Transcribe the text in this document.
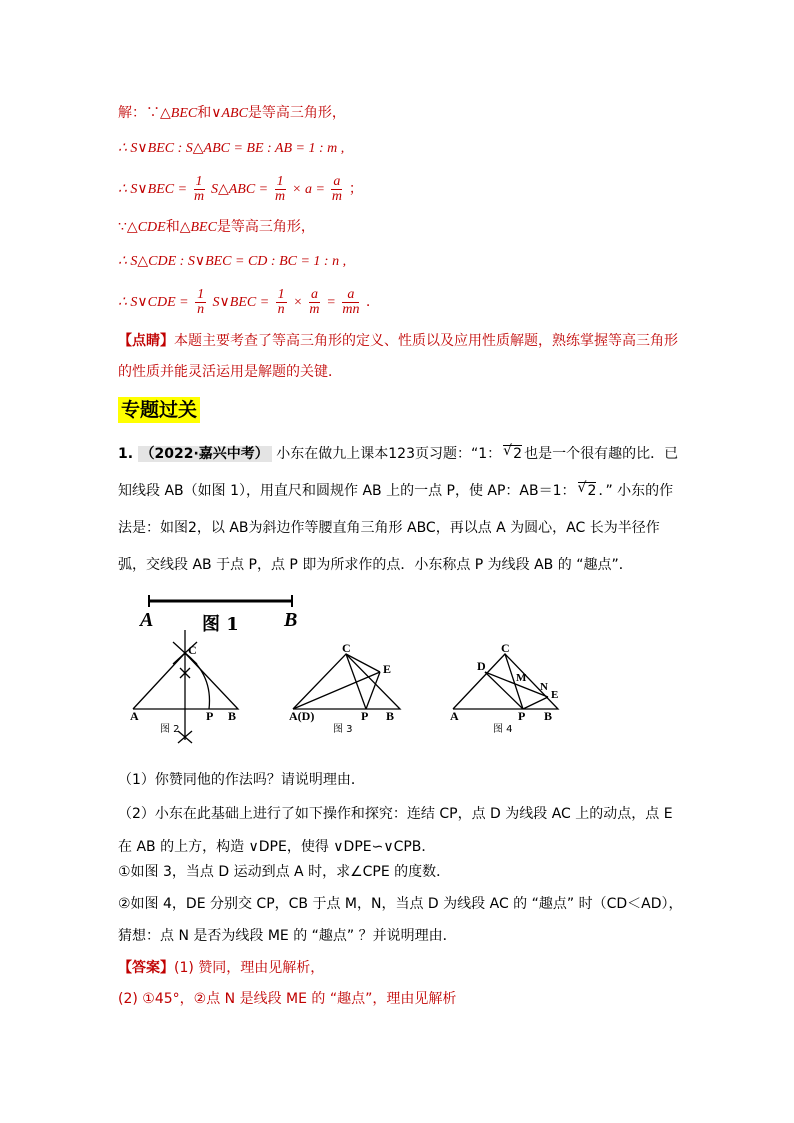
解：∵△BEC和∨ABC是等高三角形，
∴ S∨BEC : S△ABC = BE : AB = 1 : m ,
∴ S∨BEC = $\frac{1}{m}$ S△ABC = $\frac{1}{m} \times a = \frac{a}{m}$ ；
∵△CDE和△BEC是等高三角形，
∴ S△CDE : S∨BEC = CD : BC = 1 : n ,
∴ S∨CDE = $\frac{1}{n}$ S∨BEC = $\frac{1}{n} \times \frac{a}{m} = \frac{a}{mn}$ .
【点睛】本题主要考查了等高三角形的定义、性质以及应用性质解题，熟练掌握等高三角形的性质并能灵活运用是解题的关键．
专题过关
1. （2022·嘉兴中考） 小东在做九上课本123页习题：“1： √ 2 也是一个很有趣的比．已知线段 AB（如图 1），用直尺和圆规作 AB 上的一点 P，使 AP：AB＝1： √ 2 ．” 小东的作法是：如图2，以 AB为斜边作等腰直角三角形 ABC，再以点 A 为圆心，AC 长为半径作弧，交线段 AB 于点 P，点 P 即为所求作的点．小东称点 P 为线段 AB 的 “趣点”．
A	B
图 1
C
A	P B
图 2
C
E
A(D)	P B
图 3
C
D
M
N
E
A	P B
图 4
（1）你赞同他的作法吗？请说明理由．
（2）小东在此基础上进行了如下操作和探究：连结 CP，点 D 为线段 AC 上的动点，点 E 在 AB 的上方，构造 ∨DPE，使得 ∨DPE∽∨CPB．
①如图 3，当点 D 运动到点 A 时，求∠CPE 的度数．
②如图 4，DE 分别交 CP，CB 于点 M，N，当点 D 为线段 AC 的 “趣点” 时（CD＜AD），猜想：点 N 是否为线段 ME 的 “趣点” ？并说明理由．
【答案】(1) 赞同，理由见解析，
(2) ①45°，②点 N 是线段 ME 的 “趣点”，理由见解析
